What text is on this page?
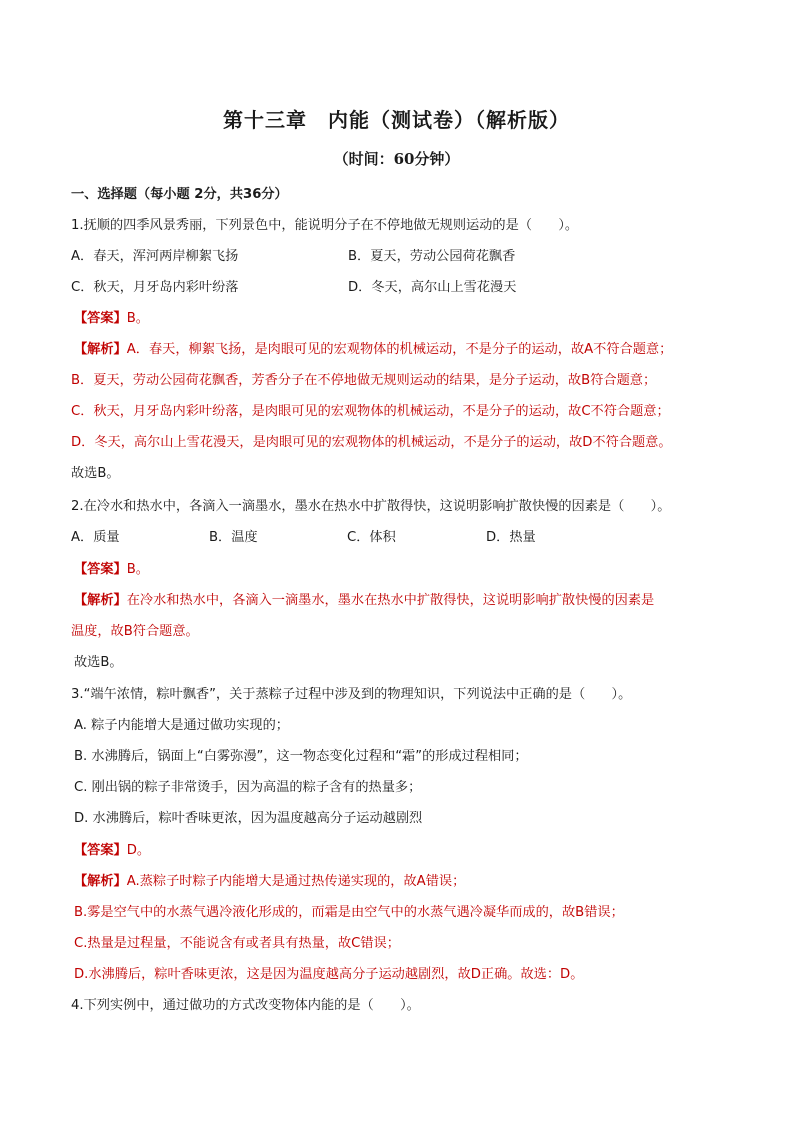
第十三章　内能（测试卷）（解析版）
（时间：60分钟）
一、选择题（每小题 2分，共36分）
1.抚顺的四季风景秀丽，下列景色中，能说明分子在不停地做无规则运动的是（　　）。
A．春天，浑河两岸柳絮飞扬	B．夏天，劳动公园荷花飘香
C．秋天，月牙岛内彩叶纷落	D．冬天，高尔山上雪花漫天
【答案】B。
【解析】A．春天，柳絮飞扬，是肉眼可见的宏观物体的机械运动，不是分子的运动，故A不符合题意；
B．夏天，劳动公园荷花飘香，芳香分子在不停地做无规则运动的结果，是分子运动，故B符合题意；
C．秋天，月牙岛内彩叶纷落，是肉眼可见的宏观物体的机械运动，不是分子的运动，故C不符合题意；
D．冬天，高尔山上雪花漫天，是肉眼可见的宏观物体的机械运动，不是分子的运动，故D不符合题意。
故选B。
2.在冷水和热水中，各滴入一滴墨水，墨水在热水中扩散得快，这说明影响扩散快慢的因素是（　　）。
A．质量	B．温度	C．体积	D．热量
【答案】B。
【解析】在冷水和热水中，各滴入一滴墨水，墨水在热水中扩散得快，这说明影响扩散快慢的因素是
温度，故B符合题意。
故选B。
3.“端午浓情，粽叶飘香”，关于蒸粽子过程中涉及到的物理知识，下列说法中正确的是（　　）。
A. 粽子内能增大是通过做功实现的；
B. 水沸腾后，锅面上“白雾弥漫”，这一物态变化过程和“霜”的形成过程相同；
C. 刚出锅的粽子非常烫手，因为高温的粽子含有的热量多；
D. 水沸腾后，粽叶香味更浓，因为温度越高分子运动越剧烈
【答案】D。
【解析】A.蒸粽子时粽子内能增大是通过热传递实现的，故A错误；
B.雾是空气中的水蒸气遇冷液化形成的，而霜是由空气中的水蒸气遇冷凝华而成的，故B错误；
C.热量是过程量，不能说含有或者具有热量，故C错误；
D.水沸腾后，粽叶香味更浓，这是因为温度越高分子运动越剧烈，故D正确。故选：D。
4.下列实例中，通过做功的方式改变物体内能的是（　　）。
